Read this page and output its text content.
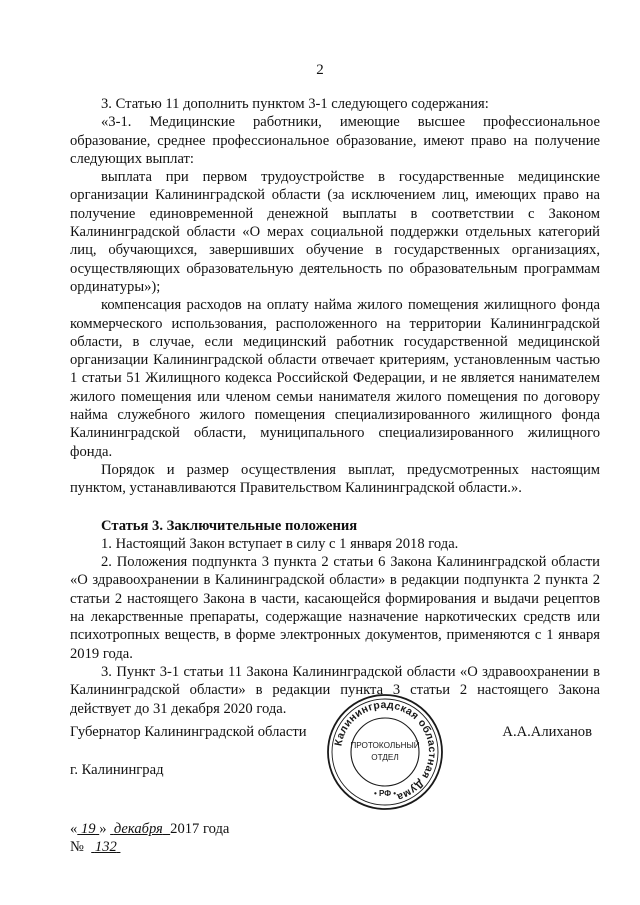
2

3. Статью 11 дополнить пунктом 3-1 следующего содержания:

«3-1. Медицинские работники, имеющие высшее профессиональное образование, среднее профессиональное образование, имеют право на получение следующих выплат:

выплата при первом трудоустройстве в государственные медицинские организации Калининградской области (за исключением лиц, имеющих право на получение единовременной денежной выплаты в соответствии с Законом Калининградской области «О мерах социальной поддержки отдельных категорий лиц, обучающихся, завершивших обучение в государственных организациях, осуществляющих образовательную деятельность по образовательным программам ординатуры»);

компенсация расходов на оплату найма жилого помещения жилищного фонда коммерческого использования, расположенного на территории Калининградской области, в случае, если медицинский работник государственной медицинской организации Калининградской области отвечает критериям, установленным частью 1 статьи 51 Жилищного кодекса Российской Федерации, и не является нанимателем жилого помещения или членом семьи нанимателя жилого помещения по договору найма служебного жилого помещения специализированного жилищного фонда Калининградской области, муниципального специализированного жилищного фонда.

Порядок и размер осуществления выплат, предусмотренных настоящим пунктом, устанавливаются Правительством Калининградской области.».

Статья 3. Заключительные положения

1. Настоящий Закон вступает в силу с 1 января 2018 года.

2. Положения подпункта 3 пункта 2 статьи 6 Закона Калининградской области «О здравоохранении в Калининградской области» в редакции подпункта 2 пункта 2 статьи 2 настоящего Закона в части, касающейся формирования и выдачи рецептов на лекарственные препараты, содержащие назначение наркотических средств или психотропных веществ, в форме электронных документов, применяются с 1 января 2019 года.

3. Пункт 3-1 статьи 11 Закона Калининградской области «О здравоохранении в Калининградской области» в редакции пункта 3 статьи 2 настоящего Закона действует до 31 декабря 2020 года.

Губернатор Калининградской области	А.А.Алиханов
г. Калининград
« 19 » декабря 2017 года
№ 132
Калининградская областная Дума
ПРОТОКОЛЬНЫЙ
ОТДЕЛ
• РФ •
